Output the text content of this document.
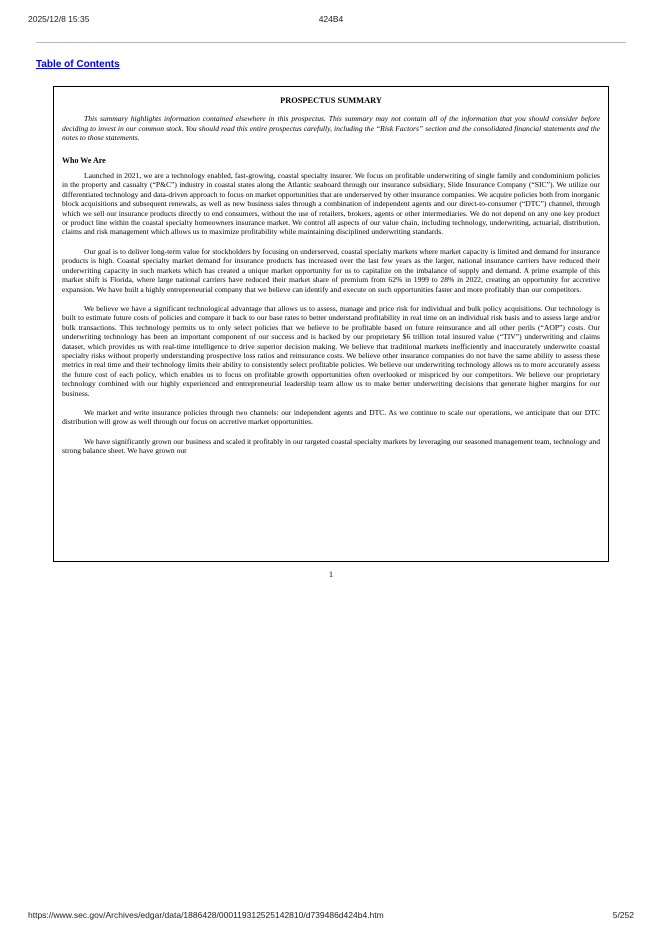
2025/12/8 15:35	424B4
Table of Contents
PROSPECTUS SUMMARY

This summary highlights information contained elsewhere in this prospectus. This summary may not contain all of the information that you should consider before deciding to invest in our common stock. You should read this entire prospectus carefully, including the “Risk Factors” section and the consolidated financial statements and the notes to those statements.

Who We Are

Launched in 2021, we are a technology enabled, fast-growing, coastal specialty insurer. We focus on profitable underwriting of single family and condominium policies in the property and casualty (“P&C”) industry in coastal states along the Atlantic seaboard through our insurance subsidiary, Slide Insurance Company (“SIC”). We utilize our differentiated technology and data-driven approach to focus on market opportunities that are underserved by other insurance companies. We acquire policies both from inorganic block acquisitions and subsequent renewals, as well as new business sales through a combination of independent agents and our direct-to-consumer (“DTC”) channel, through which we sell our insurance products directly to end consumers, without the use of retailers, brokers, agents or other intermediaries. We do not depend on any one key product or product line within the coastal specialty homeowners insurance market. We control all aspects of our value chain, including technology, underwriting, actuarial, distribution, claims and risk management which allows us to maximize profitability while maintaining disciplined underwriting standards.

Our goal is to deliver long-term value for stockholders by focusing on underserved, coastal specialty markets where market capacity is limited and demand for insurance products is high. Coastal specialty market demand for insurance products has increased over the last few years as the larger, national insurance carriers have reduced their underwriting capacity in such markets which has created a unique market opportunity for us to capitalize on the imbalance of supply and demand. A prime example of this market shift is Florida, where large national carriers have reduced their market share of premium from 62% in 1999 to 28% in 2022, creating an opportunity for accretive expansion. We have built a highly entrepreneurial company that we believe can identify and execute on such opportunities faster and more profitably than our competitors.

We believe we have a significant technological advantage that allows us to assess, manage and price risk for individual and bulk policy acquisitions. Our technology is built to estimate future costs of policies and compare it back to our base rates to better understand profitability in real time on an individual risk basis and to assess large and/or bulk transactions. This technology permits us to only select policies that we believe to be profitable based on future reinsurance and all other perils (“AOP”) costs. Our underwriting technology has been an important component of our success and is backed by our proprietary $6 trillion total insured value (“TIV”) underwriting and claims dataset, which provides us with real-time intelligence to drive superior decision making. We believe that traditional markets inefficiently and inaccurately underwrite coastal specialty risks without properly understanding prospective loss ratios and reinsurance costs. We believe other insurance companies do not have the same ability to assess these metrics in real time and their technology limits their ability to consistently select profitable policies. We believe our underwriting technology allows us to more accurately assess the future cost of each policy, which enables us to focus on profitable growth opportunities often overlooked or mispriced by our competitors. We believe our proprietary technology combined with our highly experienced and entrepreneurial leadership team allow us to make better underwriting decisions that generate higher margins for our business.

We market and write insurance policies through two channels: our independent agents and DTC. As we continue to scale our operations, we anticipate that our DTC distribution will grow as well through our focus on accretive market opportunities.

We have significantly grown our business and scaled it profitably in our targeted coastal specialty markets by leveraging our seasoned management team, technology and strong balance sheet. We have grown our

1
https://www.sec.gov/Archives/edgar/data/1886428/000119312525142810/d739486d424b4.htm	5/252
